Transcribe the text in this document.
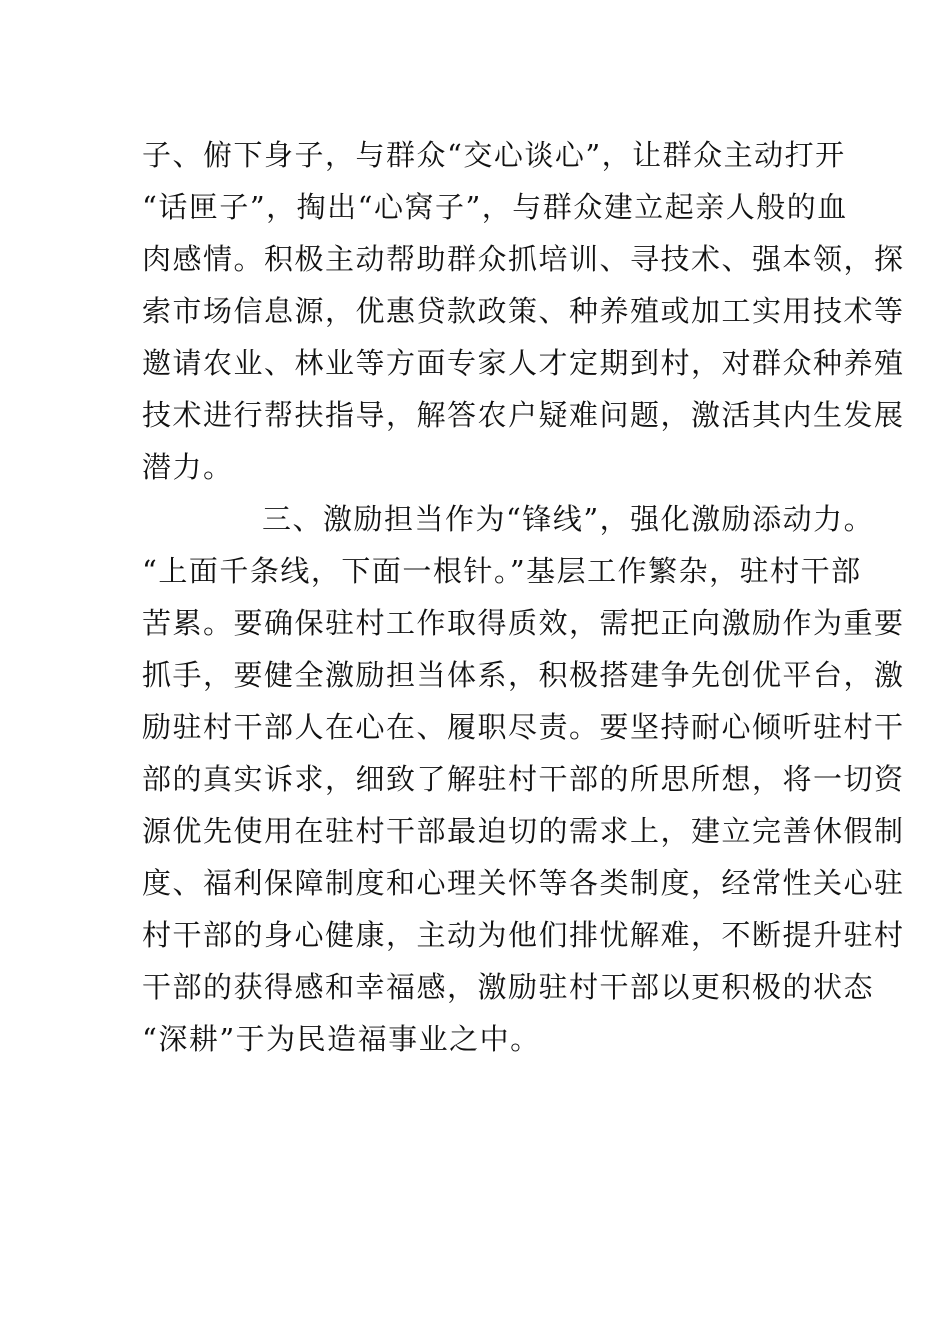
子、俯下身子，与群众“交心谈心”，让群众主动打开
“话匣子”，掏出“心窝子”，与群众建立起亲人般的血
肉感情。积极主动帮助群众抓培训、寻技术、强本领，探
索市场信息源，优惠贷款政策、种养殖或加工实用技术等
邀请农业、林业等方面专家人才定期到村，对群众种养殖
技术进行帮扶指导，解答农户疑难问题，激活其内生发展
潜力。
三、激励担当作为“锋线”，强化激励添动力。
“上面千条线，下面一根针。”基层工作繁杂，驻村干部
苦累。要确保驻村工作取得质效，需把正向激励作为重要
抓手，要健全激励担当体系，积极搭建争先创优平台，激
励驻村干部人在心在、履职尽责。要坚持耐心倾听驻村干
部的真实诉求，细致了解驻村干部的所思所想，将一切资
源优先使用在驻村干部最迫切的需求上，建立完善休假制
度、福利保障制度和心理关怀等各类制度，经常性关心驻
村干部的身心健康，主动为他们排忧解难，不断提升驻村
干部的获得感和幸福感，激励驻村干部以更积极的状态
“深耕”于为民造福事业之中。
